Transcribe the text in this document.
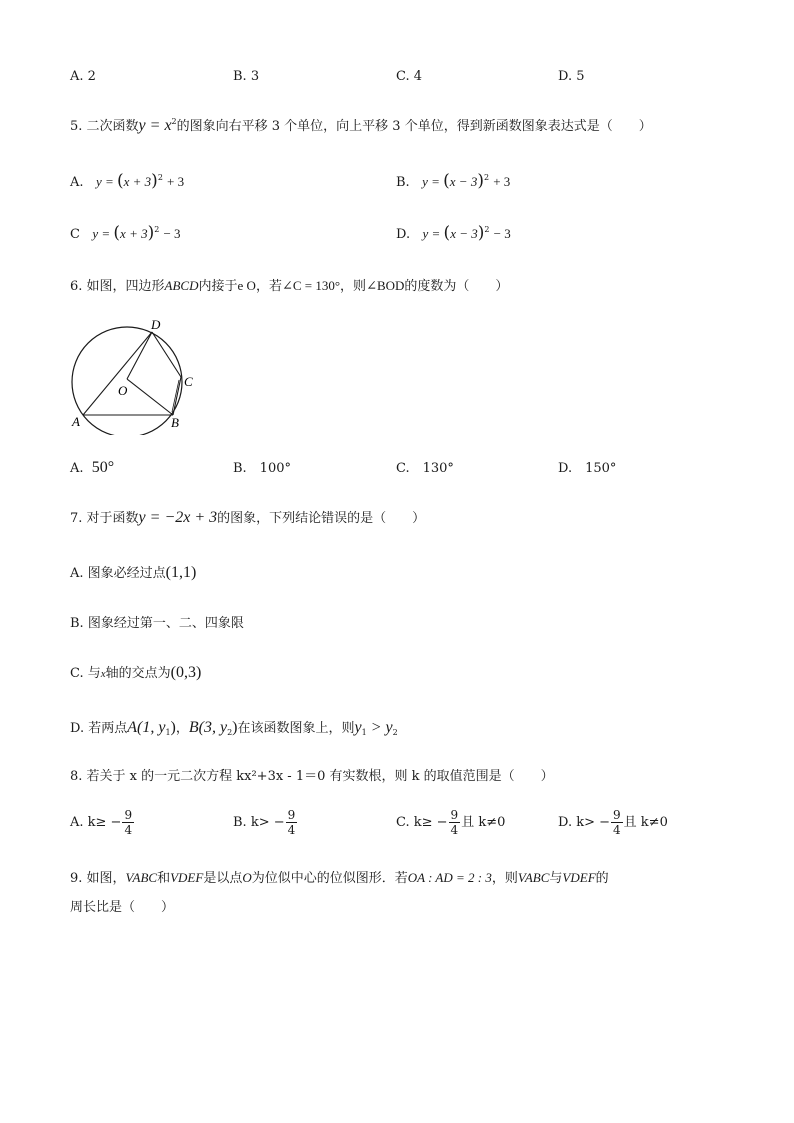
A. 2	B. 3	C. 4	D. 5
5. 二次函数$y = x^2$的图象向右平移 3 个单位，向上平移 3 个单位，得到新函数图象表达式是（　　）
A. $y = (x + 3)^2 + 3$	B. $y = (x - 3)^2 + 3$
C $y = (x + 3)^2 - 3$	D. $y = (x - 3)^2 - 3$
6. 如图，四边形ABCD内接于e O，若∠C = 130°，则∠BOD的度数为（　　）
A	B
C
D
O
A. 50°	B.　100°	C.　130°	D.　150°
7. 对于函数y = −2x + 3的图象，下列结论错误的是（　　）
A. 图象必经过点(1,1)
B. 图象经过第一、二、四象限
C. 与x轴的交点为(0,3)
D. 若两点A(1, $y_1$)，B(3, $y_2$)在该函数图象上，则$y_1 > y_2$
8. 若关于 x 的一元二次方程 kx²+3x - 1＝0 有实数根，则 k 的取值范围是（　　）
A. $k\ge - \frac{9}{4}$	B. $k> - \frac{9}{4}$	C. $k\ge - \frac{9}{4}$ 且 k≠0	D. $k> - \frac{9}{4}$ 且 k≠0
9. 如图，VABC和VDEF是以点O为位似中心的位似图形．若OA : AD = 2 : 3，则VABC与VDEF的
周长比是（　　）
